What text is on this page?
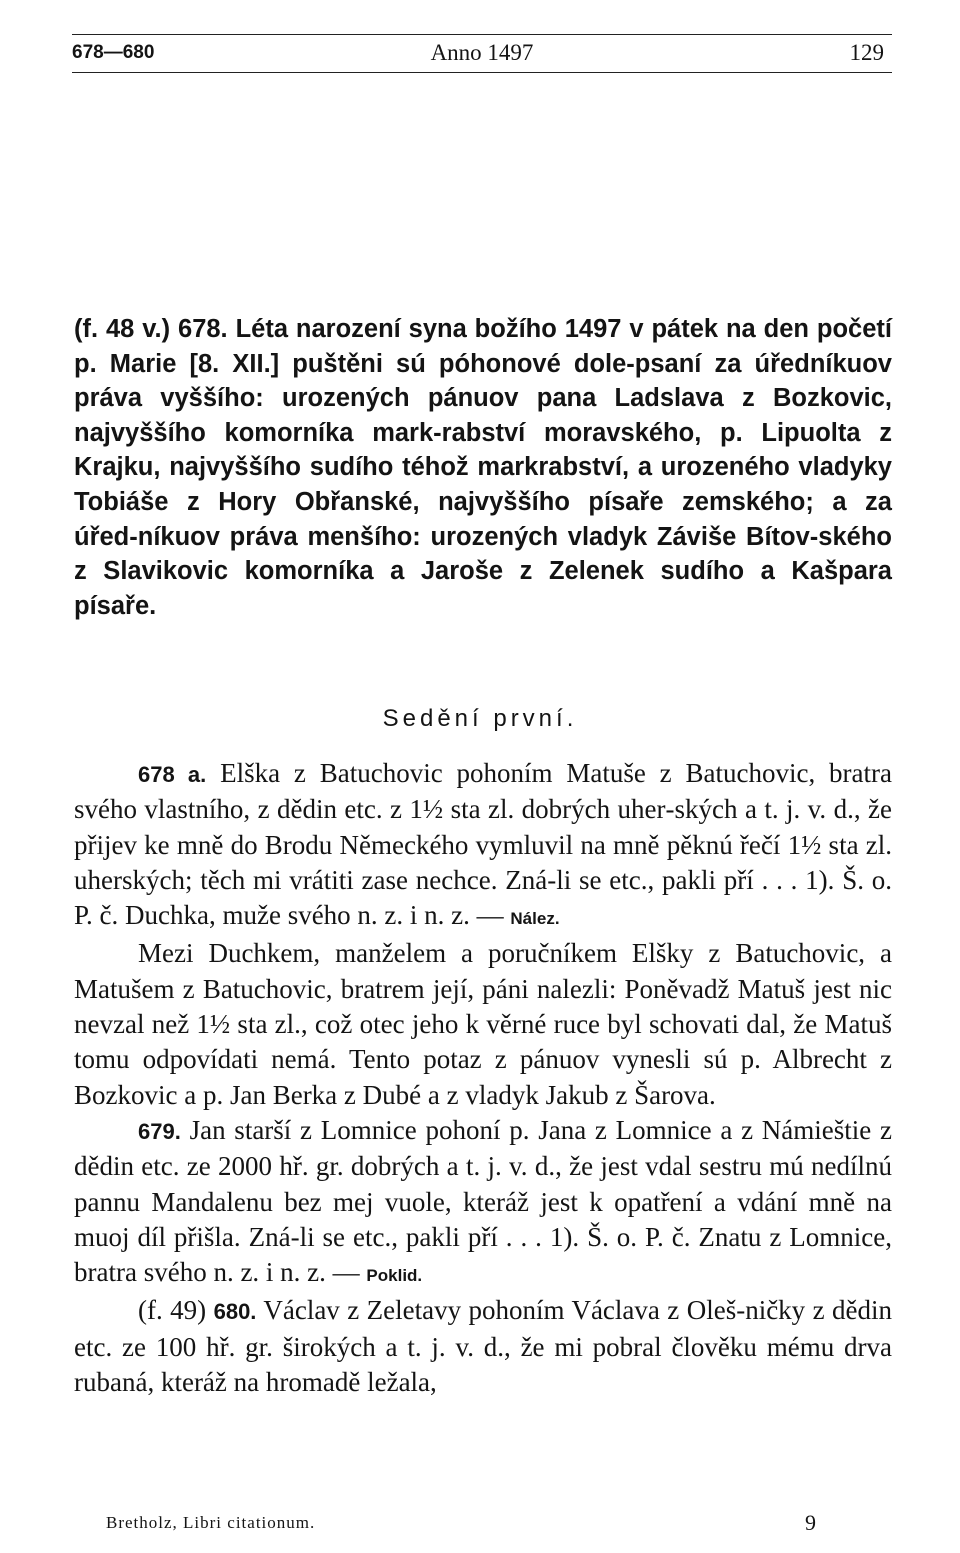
678—680	Anno 1497	129
(f. 48 v.) 678. Léta narození syna božího 1497 v pátek na den početí p. Marie [8. XII.] puštěni sú póhonové dole‑psaní za úředníkuov práva vyššího: urozených pánuov pana Ladslava z Bozkovic, najvyššího komorníka mark‑rabství moravského, p. Lipuolta z Krajku, najvyššího sudího téhož markrabství, a urozeného vladyky Tobiáše z Hory Obřanské, najvyššího písaře zemského; a za úřed‑níkuov práva menšího: urozených vladyk Záviše Bítov‑ského z Slavikovic komorníka a Jaroše z Zelenek sudího a Kašpara písaře.
Sedění první.

678 a. Elška z Batuchovic pohoním Matuše z Batuchovic, bratra svého vlastního, z dědin etc. z 1½ sta zl. dobrých uher‑ských a t. j. v. d., že přijev ke mně do Brodu Německého vymluvil na mně pěknú řečí 1½ sta zl. uherských; těch mi vrátiti zase nechce. Zná‑li se etc., pakli pří . . . 1). Š. o. P. č. Duchka, muže svého n. z. i n. z. — Nález.

Mezi Duchkem, manželem a poručníkem Elšky z Batuchovic, a Matušem z Batuchovic, bratrem její, páni nalezli: Poněvadž Matuš jest nic nevzal než 1½ sta zl., což otec jeho k věrné ruce byl schovati dal, že Matuš tomu odpovídati nemá. Tento potaz z pánuov vynesli sú p. Albrecht z Bozkovic a p. Jan Berka z Dubé a z vladyk Jakub z Šarova.

679. Jan starší z Lomnice pohoní p. Jana z Lomnice a z Námieštie z dědin etc. ze 2000 hř. gr. dobrých a t. j. v. d., že jest vdal sestru mú nedílnú pannu Mandalenu bez mej vuole, kteráž jest k opatření a vdání mně na muoj díl přišla. Zná‑li se etc., pakli pří . . . 1). Š. o. P. č. Znatu z Lomnice, bratra svého n. z. i n. z. — Poklid.

(f. 49) 680. Václav z Zeletavy pohoním Václava z Oleš‑ničky z dědin etc. ze 100 hř. gr. širokých a t. j. v. d., že mi pobral člověku mému drva rubaná, kteráž na hromadě ležala,

Bretholz, Libri citationum.	9
